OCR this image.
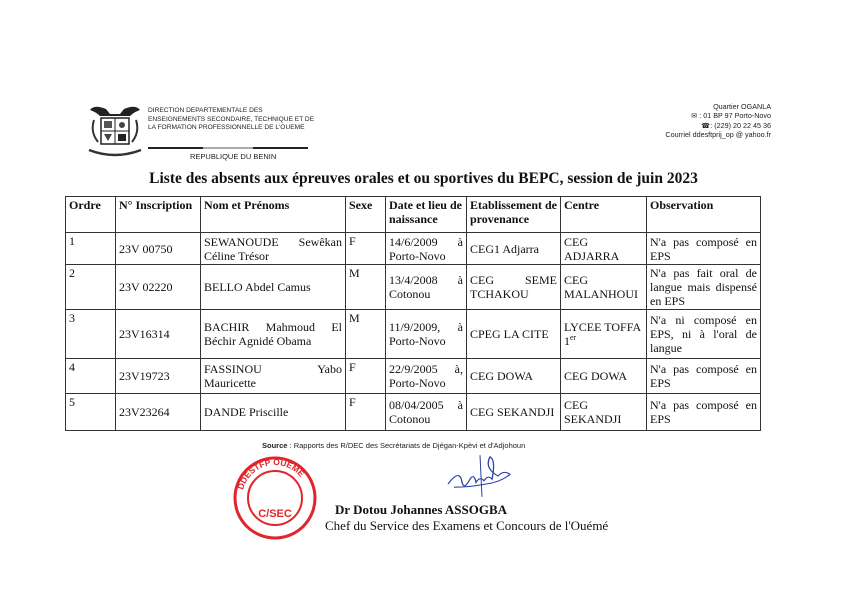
DIRECTION DEPARTEMENTALE DES
ENSEIGNEMENTS SECONDAIRE, TECHNIQUE ET DE
LA FORMATION PROFESSIONNELLE DE L'OUEME
REPUBLIQUE DU BENIN
Quartier OGANLA
✉ : 01 BP 97 Porto-Novo
☎: (229) 20 22 45 36
Courriel ddesftprij_op @ yahoo.fr
Liste des absents aux épreuves orales et ou sportives du BEPC, session de juin 2023
Ordre	N° Inscription	Nom et Prénoms	Sexe	Date et lieu de naissance	Etablissement de provenance	Centre	Observation
1	23V 00750	SEWANOUDE Sewêkan Céline Trésor	F	14/6/2009 à Porto-Novo	CEG1 Adjarra	CEG ADJARRA	N'a pas composé en EPS
2	23V 02220	BELLO Abdel Camus	M	13/4/2008 à Cotonou	CEG SEME TCHAKOU	CEG MALANHOUI	N'a pas fait oral de langue mais dispensé en EPS
3	23V16314	BACHIR Mahmoud El Béchir Agnidé Obama	M	11/9/2009, à Porto-Novo	CPEG LA CITE	LYCEE TOFFA 1er	N'a ni composé en EPS, ni à l'oral de langue
4	23V19723	FASSINOU Yabo Mauricette	F	22/9/2005 à, Porto-Novo	CEG DOWA	CEG DOWA	N'a pas composé en EPS
5	23V23264	DANDE Priscille	F	08/04/2005 à Cotonou	CEG SEKANDJI	CEG SEKANDJI	N'a pas composé en EPS
Source : Rapports des R/DEC des Secrétariats de Djègan-Kpèvi et d'Adjohoun
DDESTFP OUEME
C/SEC	Dr Dotou Johannes ASSOGBA
Chef du Service des Examens et Concours de l'Ouémé
